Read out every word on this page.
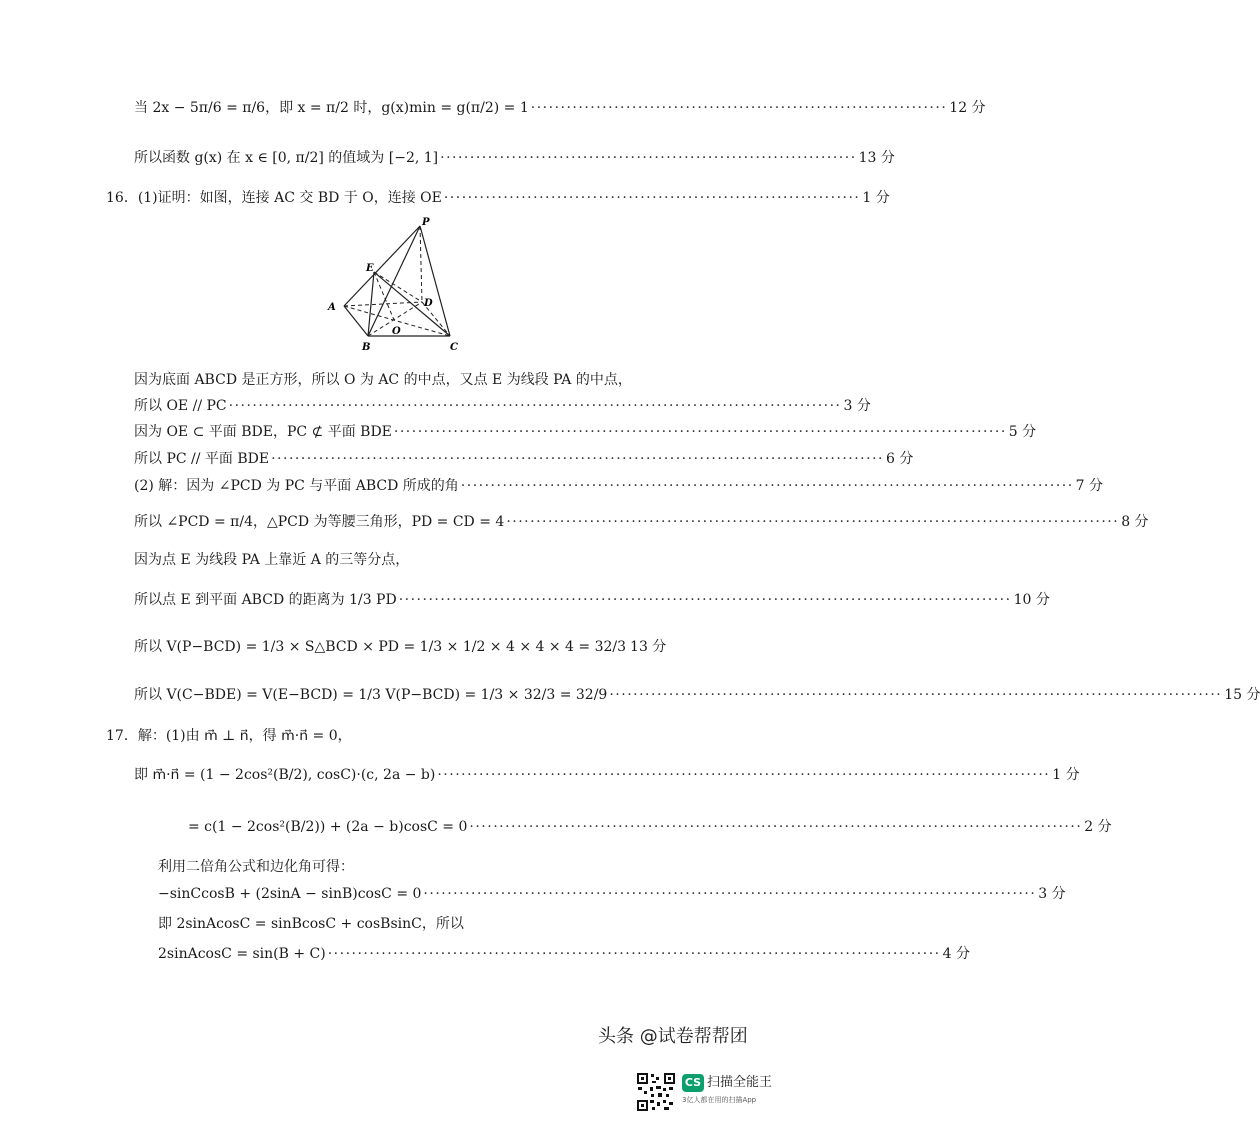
当 2x − 5π/6 = π/6，即 x = π/2 时，g(x)min = g(π/2) = 1 ······································································ 12 分
所以函数 g(x) 在 x ∈ [0, π/2] 的值域为 [−2, 1] ······································································ 13 分
16．(1)证明：如图，连接 AC 交 BD 于 O，连接 OE ······································································ 1 分
P
E
A	D
O
B	C
因为底面 ABCD 是正方形，所以 O 为 AC 的中点，又点 E 为线段 PA 的中点，
所以 OE // PC ······································································································· 3 分
因为 OE ⊂ 平面 BDE，PC ⊄ 平面 BDE ······································································································· 5 分
所以 PC // 平面 BDE ······································································································· 6 分
(2) 解：因为 ∠PCD 为 PC 与平面 ABCD 所成的角 ······································································································· 7 分
所以 ∠PCD = π/4，△PCD 为等腰三角形，PD = CD = 4 ······································································································· 8 分
因为点 E 为线段 PA 上靠近 A 的三等分点，
所以点 E 到平面 ABCD 的距离为 1/3 PD ······································································································· 10 分
所以 V(P−BCD) = 1/3 × S△BCD × PD = 1/3 × 1/2 × 4 × 4 × 4 = 32/3 13 分
所以 V(C−BDE) = V(E−BCD) = 1/3 V(P−BCD) = 1/3 × 32/3 = 32/9 ······································································································· 15 分
17．解：(1)由 m⃗ ⊥ n⃗，得 m⃗·n⃗ = 0，
即 m⃗·n⃗ = (1 − 2cos²(B/2), cosC)·(c, 2a − b) ······································································································· 1 分
= c(1 − 2cos²(B/2)) + (2a − b)cosC = 0 ······································································································· 2 分
利用二倍角公式和边化角可得：
−sinCcosB + (2sinA − sinB)cosC = 0 ······································································································· 3 分
即 2sinAcosC = sinBcosC + cosBsinC，所以
2sinAcosC = sin(B + C) ······································································································· 4 分
头条 @试卷帮帮团
CS 扫描全能王
3亿人都在用的扫描App
